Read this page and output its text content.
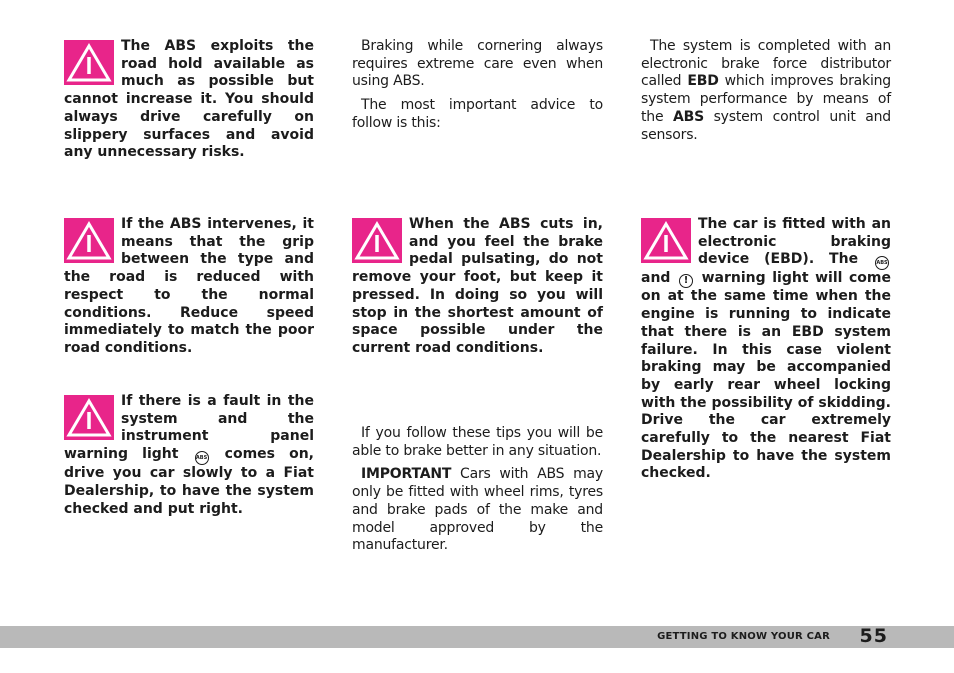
The ABS exploits the road hold available as much as possible but cannot increase it. You should always drive carefully on slippery surfaces and avoid any unnecessary risks.
If the ABS intervenes, it means that the grip between the type and the road is reduced with respect to the normal conditions. Reduce speed immediately to match the poor road conditions.
If there is a fault in the system and the instrument panel warning light ABS comes on, drive you car slowly to a Fiat Dealership, to have the system checked and put right.

Braking while cornering always requires extreme care even when using ABS.

The most important advice to follow is this:

When the ABS cuts in, and you feel the brake pedal pulsating, do not remove your foot, but keep it pressed. In doing so you will stop in the shortest amount of space possible under the current road conditions.

If you follow these tips you will be able to brake better in any situation.

IMPORTANT Cars with ABS may only be fitted with wheel rims, tyres and brake pads of the make and model approved by the manufacturer.

The system is completed with an electronic brake force distributor called EBD which improves braking system performance by means of the ABS system control unit and sensors.
The car is fitted with an electronic braking device (EBD). The ABS and ! warning light will come on at the same time when the engine is running to indicate that there is an EBD system failure. In this case violent braking may be accompanied by early rear wheel locking with the possibility of skidding. Drive the car extremely carefully to the nearest Fiat Dealership to have the system checked.
GETTING TO KNOW YOUR CAR 55
